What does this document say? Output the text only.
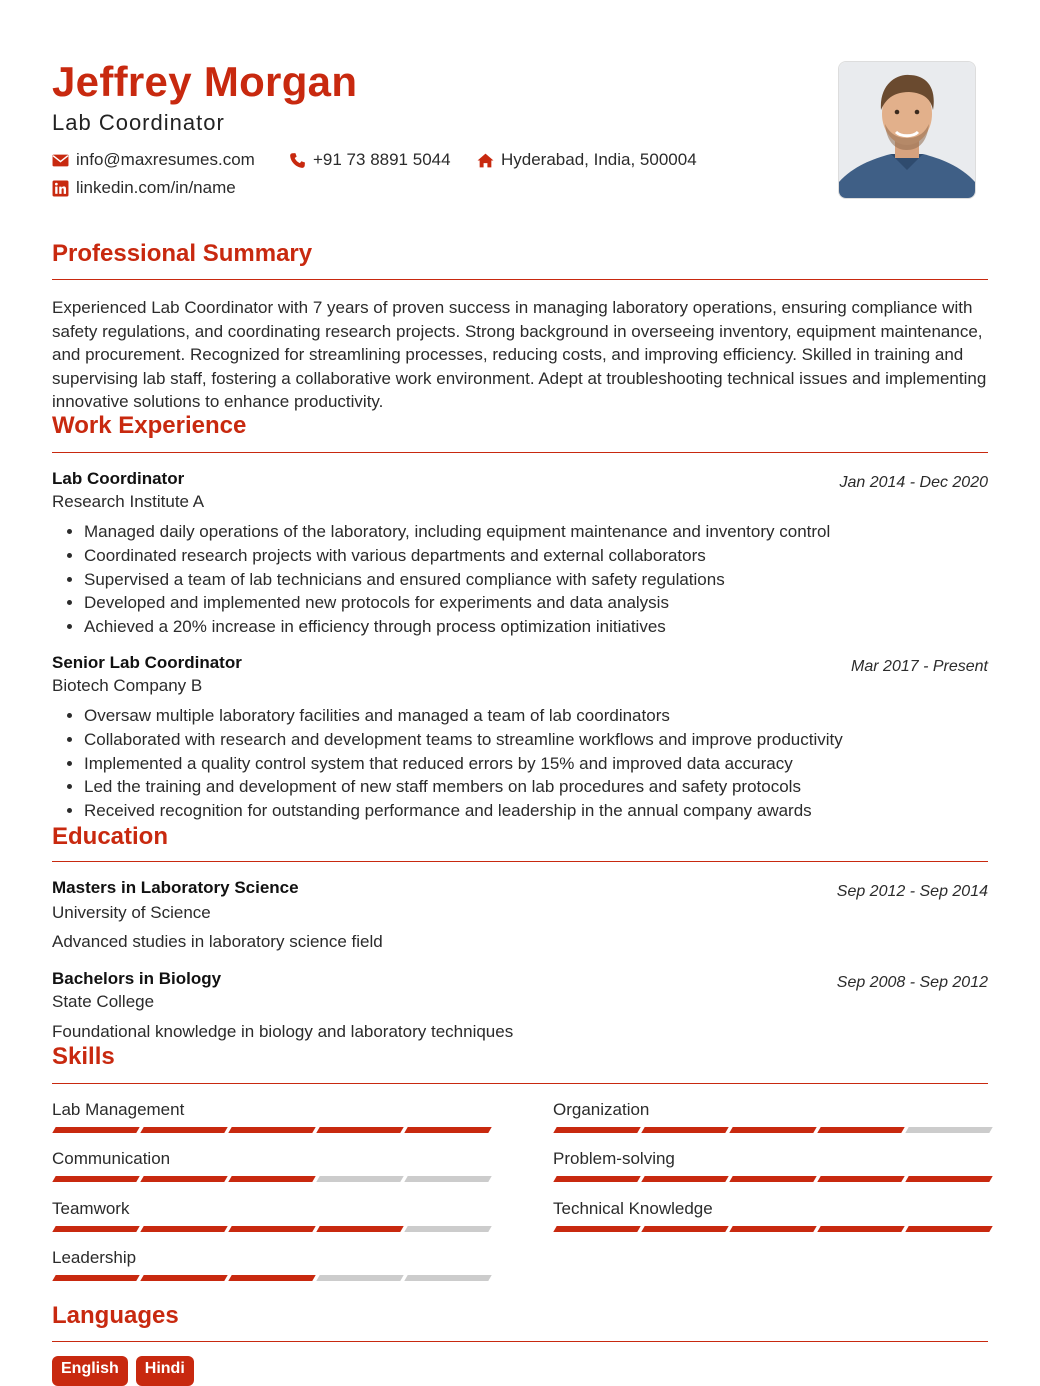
Jeffrey Morgan
Lab Coordinator
info@maxresumes.com	+91 73 8891 5044	Hyderabad, India, 500004
linkedin.com/in/name
Professional Summary

Experienced Lab Coordinator with 7 years of proven success in managing laboratory operations, ensuring compliance with safety regulations, and coordinating research projects. Strong background in overseeing inventory, equipment maintenance, and procurement. Recognized for streamlining processes, reducing costs, and improving efficiency. Skilled in training and supervising lab staff, fostering a collaborative work environment. Adept at troubleshooting technical issues and implementing innovative solutions to enhance productivity.

Work Experience
Lab Coordinator	Jan 2014 - Dec 2020
Research Institute A
• Managed daily operations of the laboratory, including equipment maintenance and inventory control
• Coordinated research projects with various departments and external collaborators
• Supervised a team of lab technicians and ensured compliance with safety regulations
• Developed and implemented new protocols for experiments and data analysis
• Achieved a 20% increase in efficiency through process optimization initiatives
Senior Lab Coordinator	Mar 2017 - Present
Biotech Company B
• Oversaw multiple laboratory facilities and managed a team of lab coordinators
• Collaborated with research and development teams to streamline workflows and improve productivity
• Implemented a quality control system that reduced errors by 15% and improved data accuracy
• Led the training and development of new staff members on lab procedures and safety protocols
• Received recognition for outstanding performance and leadership in the annual company awards
Education
Masters in Laboratory Science	Sep 2012 - Sep 2014
University of Science
Advanced studies in laboratory science field
Bachelors in Biology	Sep 2008 - Sep 2012
State College
Foundational knowledge in biology and laboratory techniques
Skills
Lab Management	Organization
Communication	Problem-solving
Teamwork	Technical Knowledge
Leadership
Languages
English	Hindi
